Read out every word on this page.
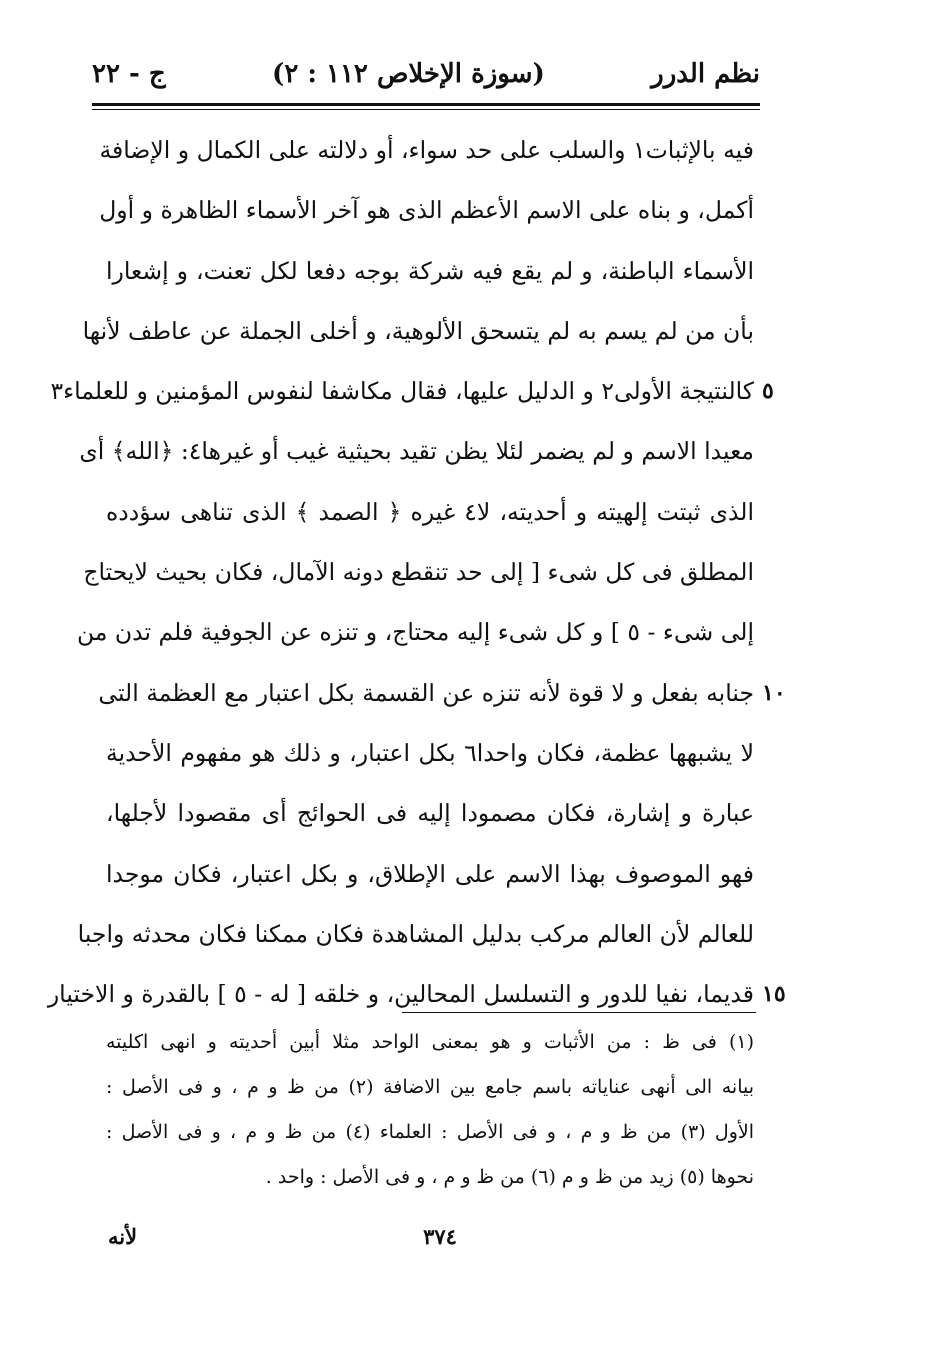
نظم الدرر
(سوزة الإخلاص ١١٢ : ٢)
ج - ٢٢
فيه بالإثبات١ والسلب على حد سواء، أو دلالته على الكمال و الإضافة
أكمل، و بناه على الاسم الأعظم الذى هو آخر الأسماء الظاهرة و أول
الأسماء الباطنة، و لم يقع فيه شركة بوجه دفعا لكل تعنت، و إشعارا
بأن من لم يسم به لم يتسحق الألوهية، و أخلى الجملة عن عاطف لأنها
كالنتيجة الأولى٢ و الدليل عليها، فقال مكاشفا لنفوس المؤمنين و للعلماء٣ ٥
معيدا الاسم و لم يضمر لئلا يظن تقيد بحيثية غيب أو غيرها٤: ﴿الله﴾ أى
الذى ثبتت إلهيته و أحديته، لا٤ غيره ﴿ الصمد ﴾ الذى تناهى سؤدده
المطلق فى كل شىء [ إلى حد تنقطع دونه الآمال، فكان بحيث لايحتاج
إلى شىء - ٥ ] و كل شىء إليه محتاج، و تنزه عن الجوفية فلم تدن من
جنابه بفعل و لا قوة لأنه تنزه عن القسمة بكل اعتبار مع العظمة التى ١٠
لا يشبهها عظمة، فكان واحدا٦ بكل اعتبار، و ذلك هو مفهوم الأحدية
عبارة و إشارة، فكان مصمودا إليه فى الحوائج أى مقصودا لأجلها،
فهو الموصوف بهذا الاسم على الإطلاق، و بكل اعتبار، فكان موجدا
للعالم لأن العالم مركب بدليل المشاهدة فكان ممكنا فكان محدثه واجبا
قديما، نفيا للدور و التسلسل المحالين، و خلقه [ له - ٥ ] بالقدرة و الاختيار ١٥
(١) فى ظ : من الأثبات و هو بمعنى الواحد مثلا أبين أحديته و انهى اكليته
بيانه الى أنهى عناياته باسم جامع بين الاضافة (٢) من ظ و م ، و فى الأصل :
الأول (٣) من ظ و م ، و فى الأصل : العلماء (٤) من ظ و م ، و فى الأصل :
نحوها (٥) زيد من ظ و م (٦) من ظ و م ، و فى الأصل : واحد .
لأنه	٣٧٤
